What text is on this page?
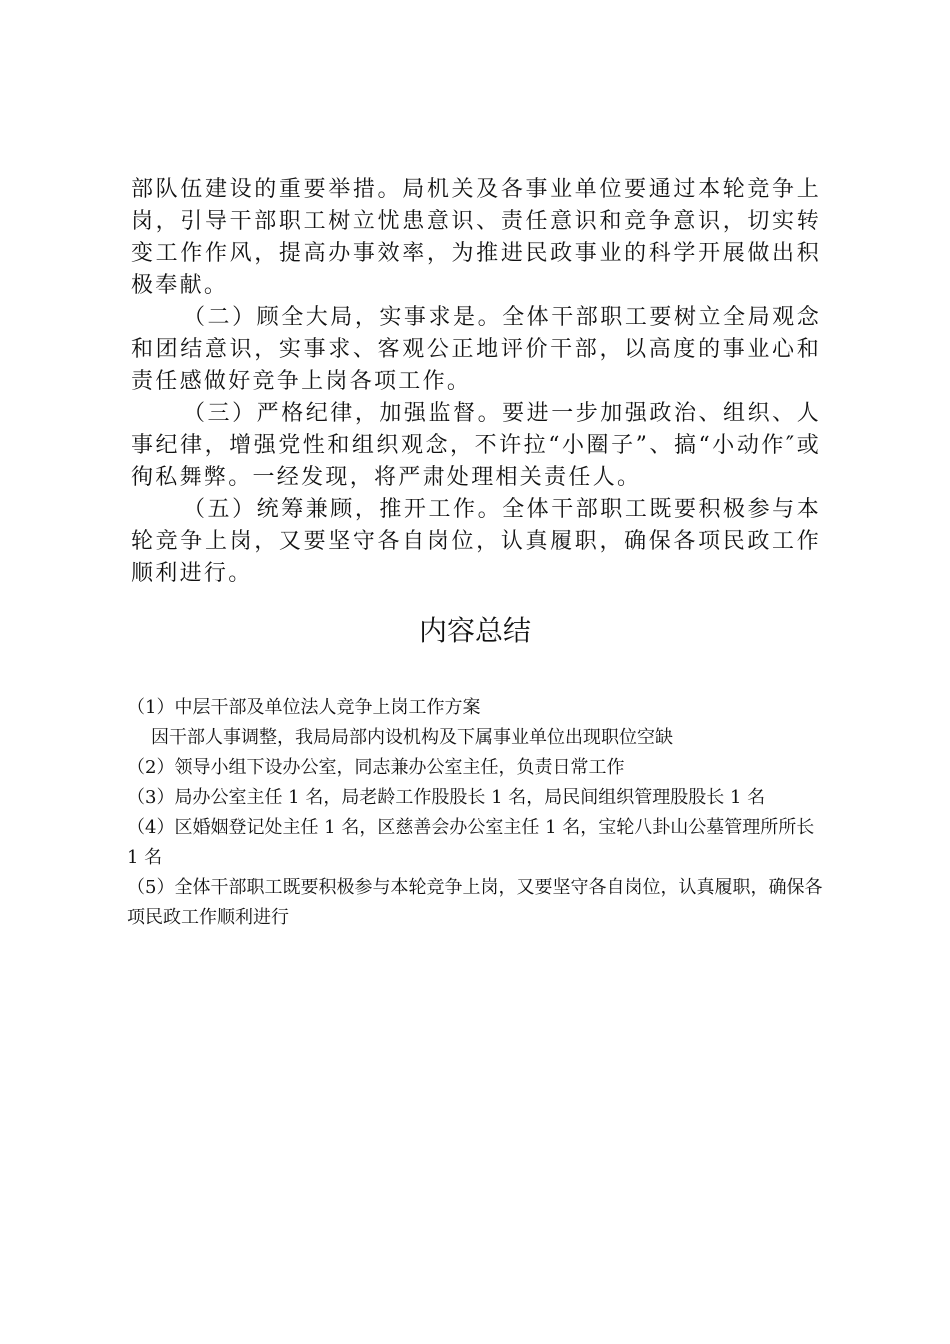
部队伍建设的重要举措。局机关及各事业单位要通过本轮竞争上岗，引导干部职工树立忧患意识、责任意识和竞争意识，切实转变工作作风，提高办事效率，为推进民政事业的科学开展做出积极奉献。

（二）顾全大局，实事求是。全体干部职工要树立全局观念和团结意识，实事求、客观公正地评价干部，以高度的事业心和责任感做好竞争上岗各项工作。

（三）严格纪律，加强监督。要进一步加强政治、组织、人事纪律，增强党性和组织观念，不许拉“小圈子”、搞“小动作″或徇私舞弊。一经发现，将严肃处理相关责任人。

（五）统筹兼顾，推开工作。全体干部职工既要积极参与本轮竞争上岗，又要坚守各自岗位，认真履职，确保各项民政工作顺利进行。

内容总结

（1）中层干部及单位法人竞争上岗工作方案

因干部人事调整，我局局部内设机构及下属事业单位出现职位空缺

（2）领导小组下设办公室，同志兼办公室主任，负责日常工作

（3）局办公室主任 1 名，局老龄工作股股长 1 名，局民间组织管理股股长 1 名

（4）区婚姻登记处主任 1 名，区慈善会办公室主任 1 名，宝轮八卦山公墓管理所所长 1 名

（5）全体干部职工既要积极参与本轮竞争上岗，又要坚守各自岗位，认真履职，确保各项民政工作顺利进行
